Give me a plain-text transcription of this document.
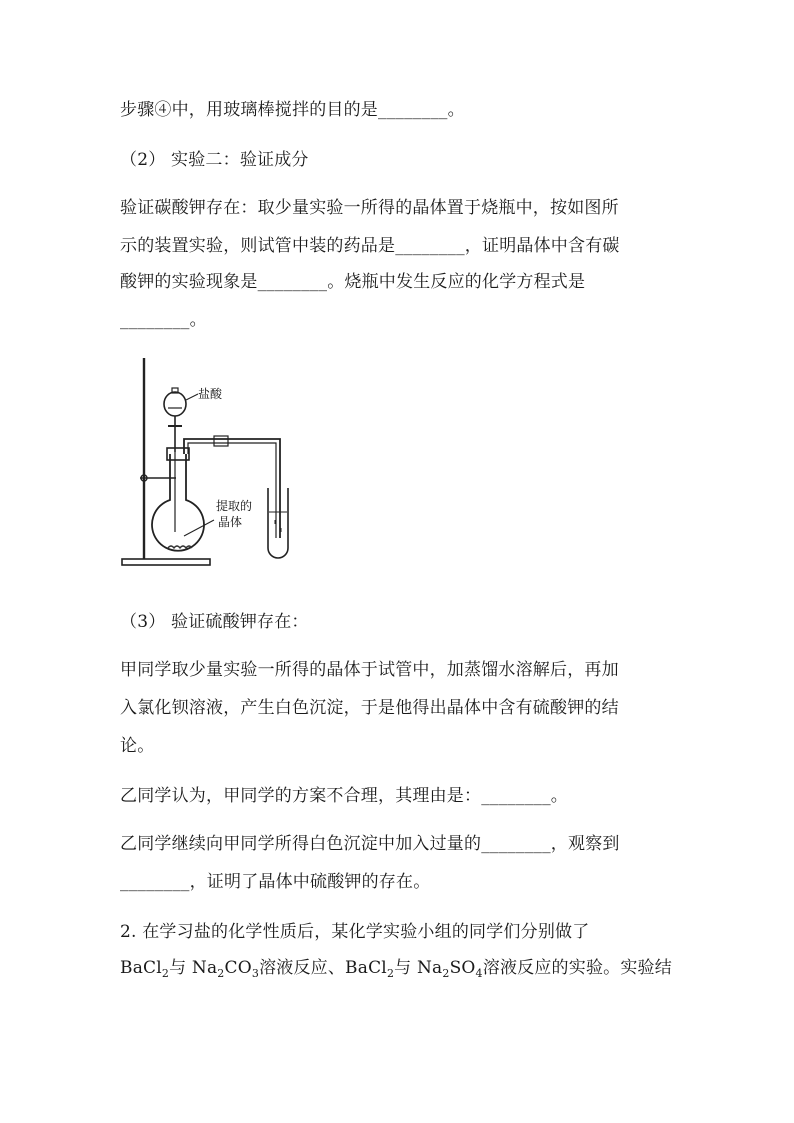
步骤④中，用玻璃棒搅拌的目的是________。
（2） 实验二：验证成分
验证碳酸钾存在：取少量实验一所得的晶体置于烧瓶中，按如图所
示的装置实验，则试管中装的药品是________，证明晶体中含有碳
酸钾的实验现象是________。烧瓶中发生反应的化学方程式是
________。
盐酸
提取的
晶体
（3） 验证硫酸钾存在：
甲同学取少量实验一所得的晶体于试管中，加蒸馏水溶解后，再加
入氯化钡溶液，产生白色沉淀，于是他得出晶体中含有硫酸钾的结
论。
乙同学认为，甲同学的方案不合理，其理由是：________。
乙同学继续向甲同学所得白色沉淀中加入过量的________，观察到
________，证明了晶体中硫酸钾的存在。
2. 在学习盐的化学性质后，某化学实验小组的同学们分别做了
BaCl$_2$与 $Na_2CO_3$溶液反应、BaCl$_2$与 $Na_2SO_4$溶液反应的实验。实验结
